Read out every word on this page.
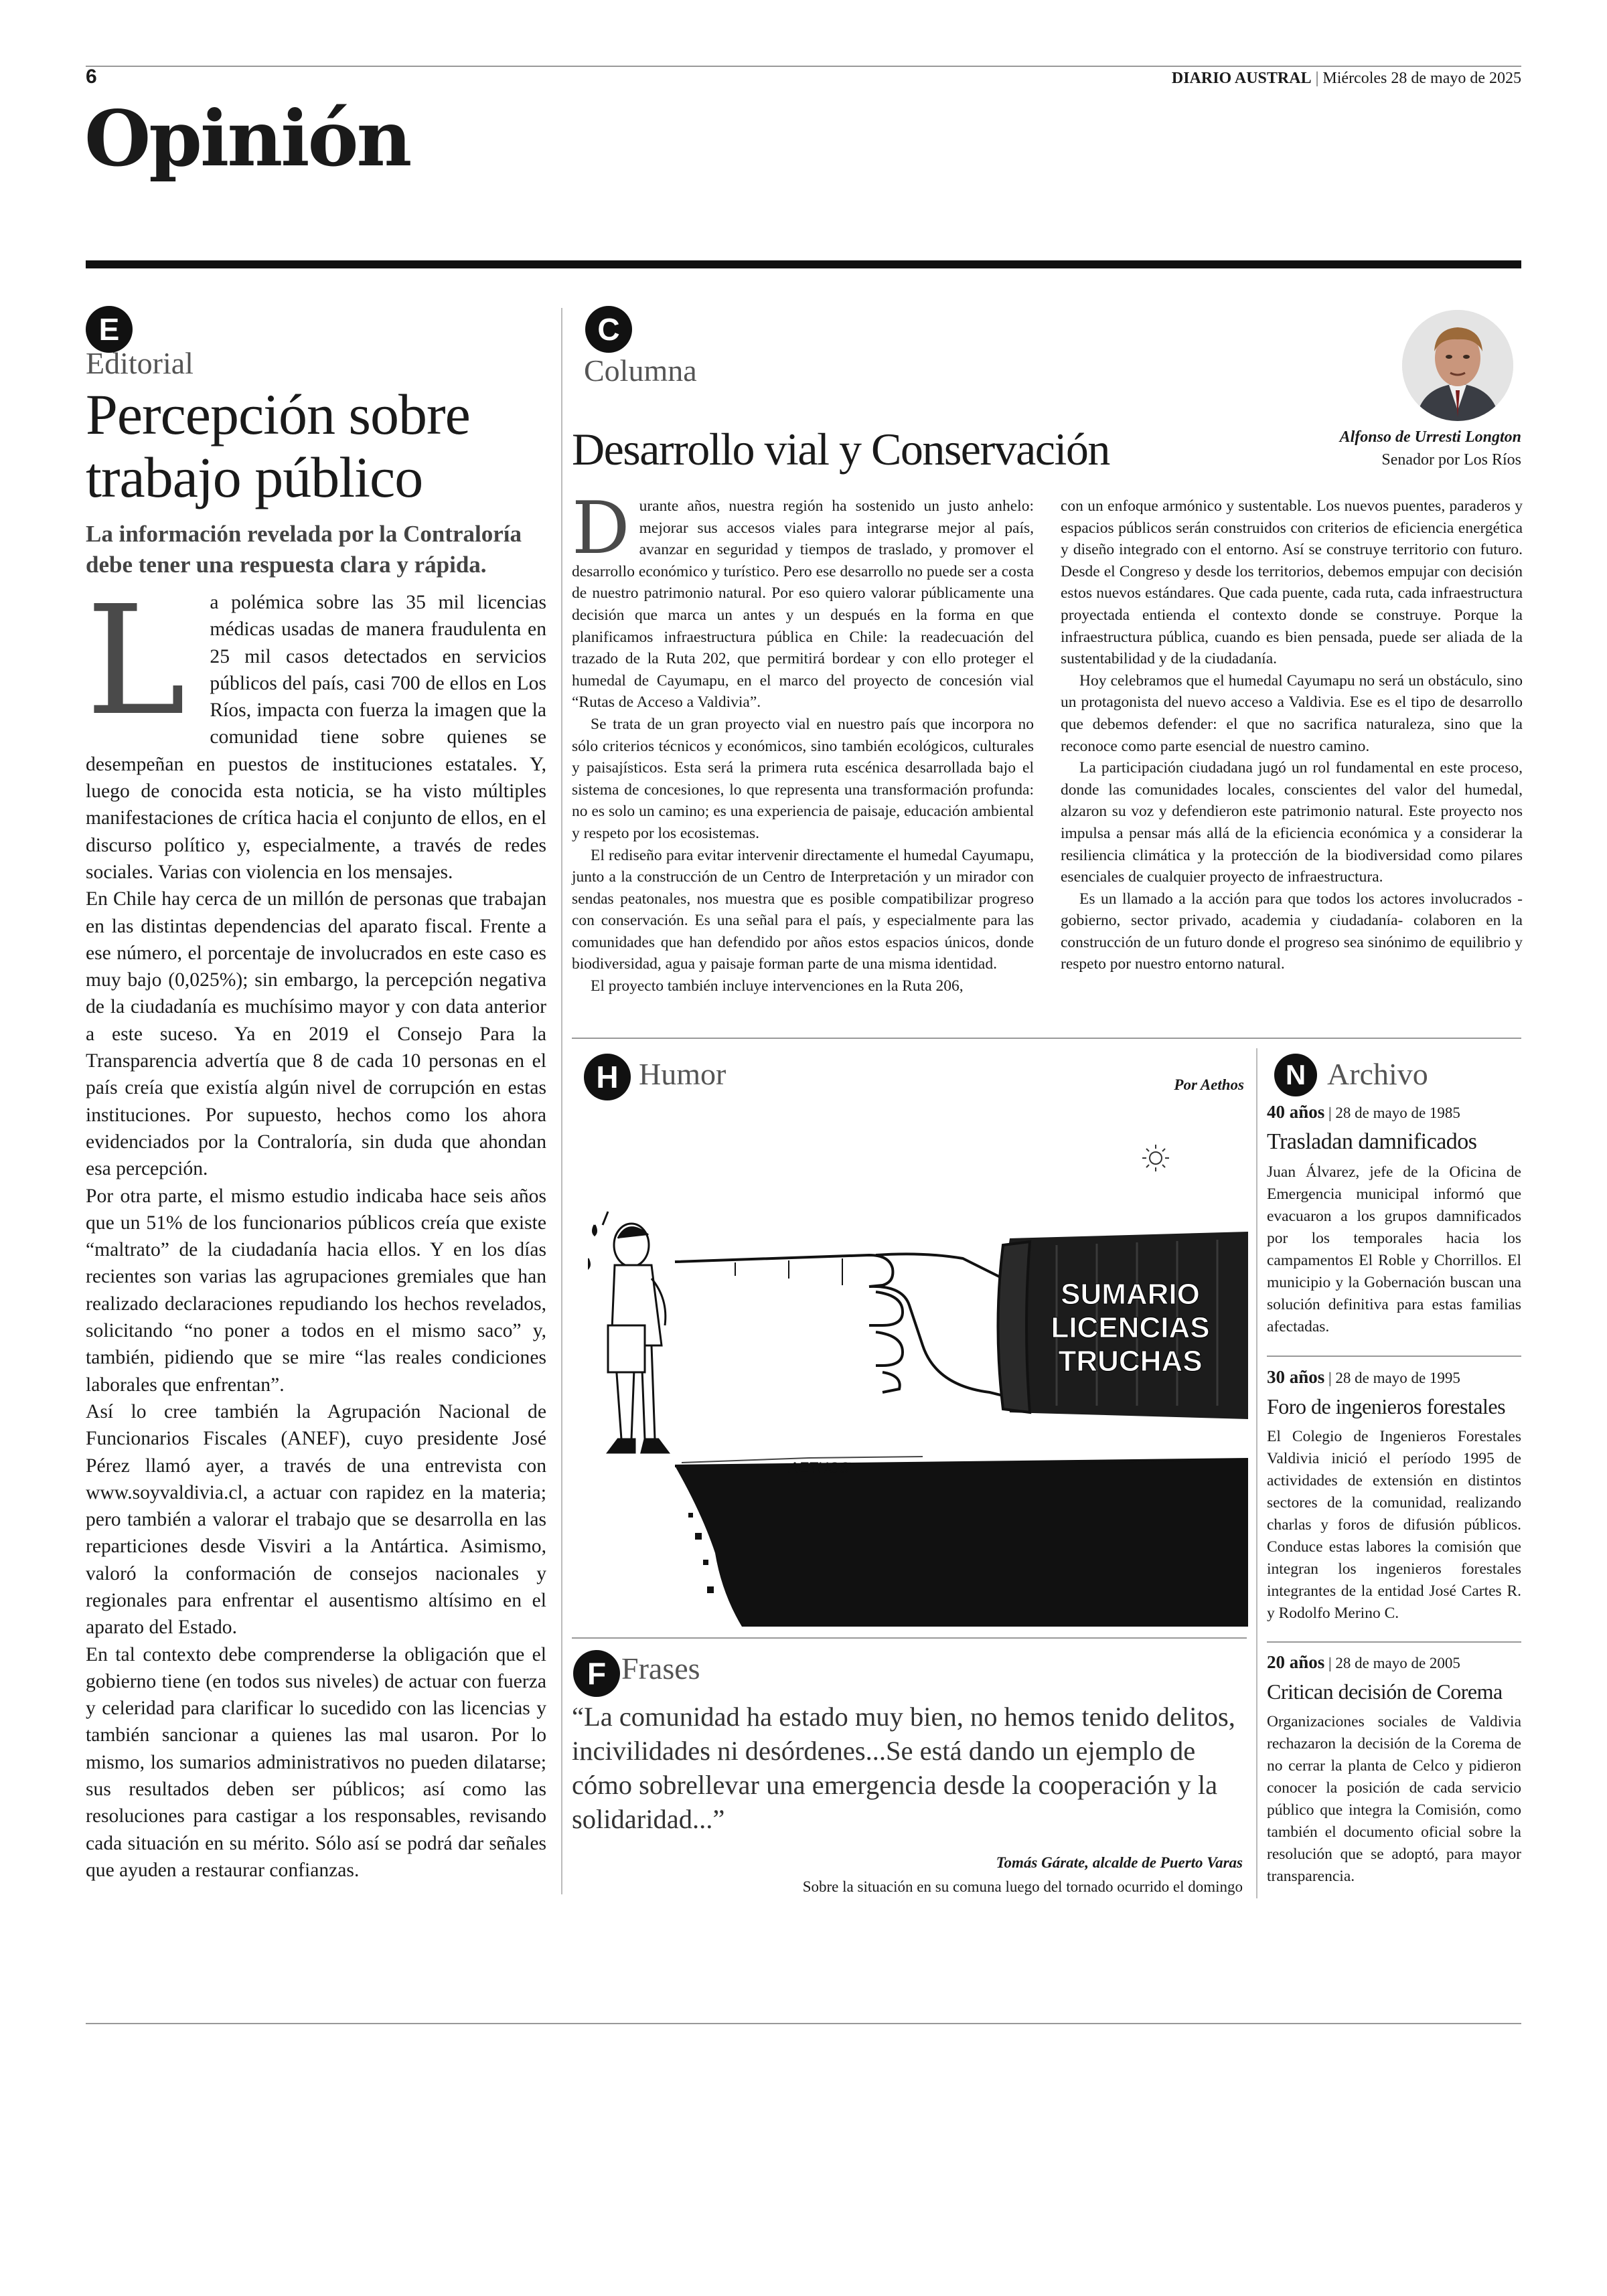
6	DIARIO AUSTRAL | Miércoles 28 de mayo de 2025
Opinión
E
Editorial
Percepción sobre
trabajo público
La información revelada por la Contraloría
debe tener una respuesta clara y rápida.
L	a polémica sobre las 35 mil licencias médicas usadas de manera fraudulenta en 25 mil casos detectados en servicios públicos del país, casi 700 de ellos en Los Ríos, impacta con fuerza la imagen que la comunidad tiene sobre quienes se desempeñan en puestos de instituciones estatales. Y, luego de conocida esta noticia, se ha visto múltiples manifestaciones de crítica hacia el conjunto de ellos, en el discurso político y, especialmente, a través de redes sociales. Varias con violencia en los mensajes.

En Chile hay cerca de un millón de personas que trabajan en las distintas dependencias del aparato fiscal. Frente a ese número, el porcentaje de involucrados en este caso es muy bajo (0,025%); sin embargo, la percepción negativa de la ciudadanía es muchísimo mayor y con data anterior a este suceso. Ya en 2019 el Consejo Para la Transparencia advertía que 8 de cada 10 personas en el país creía que existía algún nivel de corrupción en estas instituciones. Por supuesto, hechos como los ahora evidenciados por la Contraloría, sin duda que ahondan esa percepción.

Por otra parte, el mismo estudio indicaba hace seis años que un 51% de los funcionarios públicos creía que existe “maltrato” de la ciudadanía hacia ellos. Y en los días recientes son varias las agrupaciones gremiales que han realizado declaraciones repudiando los hechos revelados, solicitando “no poner a todos en el mismo saco” y, también, pidiendo que se mire “las reales condiciones laborales que enfrentan”.

Así lo cree también la Agrupación Nacional de Funcionarios Fiscales (ANEF), cuyo presidente José Pérez llamó ayer, a través de una entrevista con www.soyvaldivia.cl, a actuar con rapidez en la materia; pero también a valorar el trabajo que se desarrolla en las reparticiones desde Visviri a la Antártica. Asimismo, valoró la conformación de consejos nacionales y regionales para enfrentar el ausentismo altísimo en el aparato del Estado.

En tal contexto debe comprenderse la obligación que el gobierno tiene (en todos sus niveles) de actuar con fuerza y celeridad para clarificar lo sucedido con las licencias y también sancionar a quienes las mal usaron. Por lo mismo, los sumarios administrativos no pueden dilatarse; sus resultados deben ser públicos; así como las resoluciones para castigar a los responsables, revisando cada situación en su mérito. Sólo así se podrá dar señales que ayuden a restaurar confianzas.

C
Columna
Desarrollo vial y Conservación	Alfonso de Urresti Longton
Senador por Los Ríos
D urante años, nuestra región ha sostenido un justo anhelo: mejorar sus accesos viales para integrarse mejor al país, avanzar en seguridad y tiempos de traslado, y promover el desarrollo económico y turístico. Pero ese desarrollo no puede ser a costa de nuestro patrimonio natural. Por eso quiero valorar públicamente una decisión que marca un antes y un después en la forma en que planificamos infraestructura pública en Chile: la readecuación del trazado de la Ruta 202, que permitirá bordear y con ello proteger el humedal de Cayumapu, en el marco del proyecto de concesión vial “Rutas de Acceso a Valdivia”.

Se trata de un gran proyecto vial en nuestro país que incorpora no sólo criterios técnicos y económicos, sino también ecológicos, culturales y paisajísticos. Esta será la primera ruta escénica desarrollada bajo el sistema de concesiones, lo que representa una transformación profunda: no es solo un camino; es una experiencia de paisaje, educación ambiental y respeto por los ecosistemas.

El rediseño para evitar intervenir directamente el humedal Cayumapu, junto a la construcción de un Centro de Interpretación y un mirador con sendas peatonales, nos muestra que es posible compatibilizar progreso con conservación. Es una señal para el país, y especialmente para las comunidades que han defendido por años estos espacios únicos, donde biodiversidad, agua y paisaje forman parte de una misma identidad.

El proyecto también incluye intervenciones en la Ruta 206,

con un enfoque armónico y sustentable. Los nuevos puentes, paraderos y espacios públicos serán construidos con criterios de eficiencia energética y diseño integrado con el entorno. Así se construye territorio con futuro. Desde el Congreso y desde los territorios, debemos empujar con decisión estos nuevos estándares. Que cada puente, cada ruta, cada infraestructura proyectada entienda el contexto donde se construye. Porque la infraestructura pública, cuando es bien pensada, puede ser aliada de la sustentabilidad y de la ciudadanía.

Hoy celebramos que el humedal Cayumapu no será un obstáculo, sino un protagonista del nuevo acceso a Valdivia. Ese es el tipo de desarrollo que debemos defender: el que no sacrifica naturaleza, sino que la reconoce como parte esencial de nuestro camino.

La participación ciudadana jugó un rol fundamental en este proceso, donde las comunidades locales, conscientes del valor del humedal, alzaron su voz y defendieron este patrimonio natural. Este proyecto nos impulsa a pensar más allá de la eficiencia económica y a considerar la resiliencia climática y la protección de la biodiversidad como pilares esenciales de cualquier proyecto de infraestructura.

Es un llamado a la acción para que todos los actores involucrados -gobierno, sector privado, academia y ciudadanía- colaboren en la construcción de un futuro donde el progreso sea sinónimo de equilibrio y respeto por nuestro entorno natural.

H Humor	Por Aethos
AETHOS
SUMARIO
LICENCIAS
TRUCHAS
F Frases
“La comunidad ha estado muy bien, no hemos tenido delitos, incivilidades ni desórdenes...Se está dando un ejemplo de cómo sobrellevar una emergencia desde la cooperación y la solidaridad...”
Tomás Gárate, alcalde de Puerto Varas
Sobre la situación en su comuna luego del tornado ocurrido el domingo
N Archivo
40 años | 28 de mayo de 1985
Trasladan damnificados
Juan Álvarez, jefe de la Oficina de Emergencia municipal informó que evacuaron a los grupos damnificados por los temporales hacia los campamentos El Roble y Chorrillos. El municipio y la Gobernación buscan una solución definitiva para estas familias afectadas.
30 años | 28 de mayo de 1995
Foro de ingenieros forestales
El Colegio de Ingenieros Forestales Valdivia inició el período 1995 de actividades de extensión en distintos sectores de la comunidad, realizando charlas y foros de difusión públicos. Conduce estas labores la comisión que integran los ingenieros forestales integrantes de la entidad José Cartes R. y Rodolfo Merino C.
20 años | 28 de mayo de 2005
Critican decisión de Corema
Organizaciones sociales de Valdivia rechazaron la decisión de la Corema de no cerrar la planta de Celco y pidieron conocer la posición de cada servicio público que integra la Comisión, como también el documento oficial sobre la resolución que se adoptó, para mayor transparencia.
